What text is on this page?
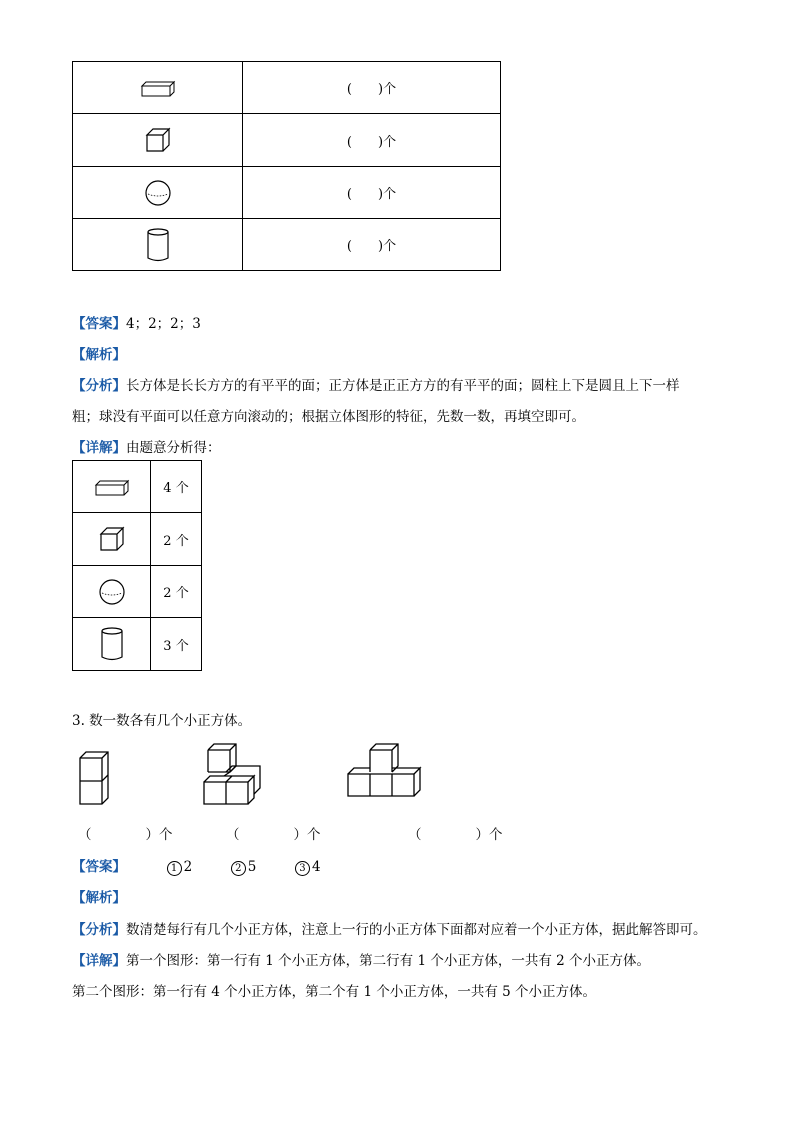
	(　　)个

	(　　)个

	(　　)个

	(　　)个
【答案】4；2；2；3
【解析】
【分析】长方体是长长方方的有平平的面；正方体是正正方方的有平平的面；圆柱上下是圆且上下一样
粗；球没有平面可以任意方向滚动的；根据立体图形的特征，先数一数，再填空即可。
【详解】由题意分析得：
	4 个

	2 个

	2 个

	3 个
3. 数一数各有几个小正方体。
（　　　　）个	（　　　　）个	（　　　　）个
【答案】	1 2	2 5	3 4
【解析】
【分析】数清楚每行有几个小正方体，注意上一行的小正方体下面都对应着一个小正方体，据此解答即可。
【详解】第一个图形：第一行有 1 个小正方体，第二行有 1 个小正方体，一共有 2 个小正方体。
第二个图形：第一行有 4 个小正方体，第二个有 1 个小正方体，一共有 5 个小正方体。
